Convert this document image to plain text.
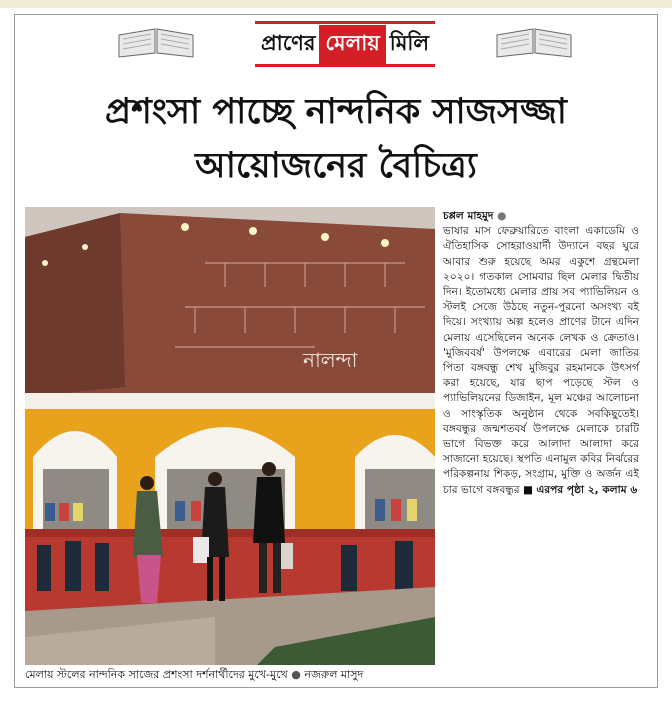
প্রাণের মেলায় মিলি
প্রশংসা পাচ্ছে নান্দনিক সাজসজ্জা
আয়োজনের বৈচিত্র্য
নালন্দা
মেলায় স্টলের নান্দনিক সাজের প্রশংসা দর্শনার্থীদের মুখে-মুখে ● নজরুল মাসুদ
চপ্পল মাহমুদ ●
ভাষার মাস ফেব্রুয়ারিতে বাংলা একাডেমি ও ঐতিহাসিক সোহরাওয়ার্দী উদ্যানে বছর ঘুরে আবার শুরু হয়েছে অমর একুশে গ্রন্থমেলা ২০২০। গতকাল সোমবার ছিল মেলার দ্বিতীয় দিন। ইতোমধ্যে মেলার প্রায় সব প্যাভিলিয়ন ও স্টলই সেজে উঠছে নতুন-পুরনো অসংখ্য বই দিয়ে। সংখ্যায় অল্প হলেও প্রাণের টানে এদিন মেলায় এসেছিলেন অনেক লেখক ও ক্রেতাও। 'মুজিববর্ষ' উপলক্ষে এবারের মেলা জাতির পিতা বঙ্গবন্ধু শেখ মুজিবুর রহমানকে উৎসর্গ করা হয়েছে, যার ছাপ পড়েছে স্টল ও প্যাভিলিয়নের ডিজাইন, মূল মঞ্চের আলোচনা ও সাংস্কৃতিক অনুষ্ঠান থেকে সবকিছুতেই। বঙ্গবন্ধুর জন্মশতবর্ষ উপলক্ষে মেলাকে চারটি ভাগে বিভক্ত করে আলাদা আলাদা করে সাজানো হয়েছে। স্থপতি এনামুল কবির নির্ঝরের পরিকল্পনায় শিকড়, সংগ্রাম, মুক্তি ও অর্জন এই চার ভাগে বঙ্গবন্ধুর ■ এরপর পৃষ্ঠা ২, কলাম ৬
